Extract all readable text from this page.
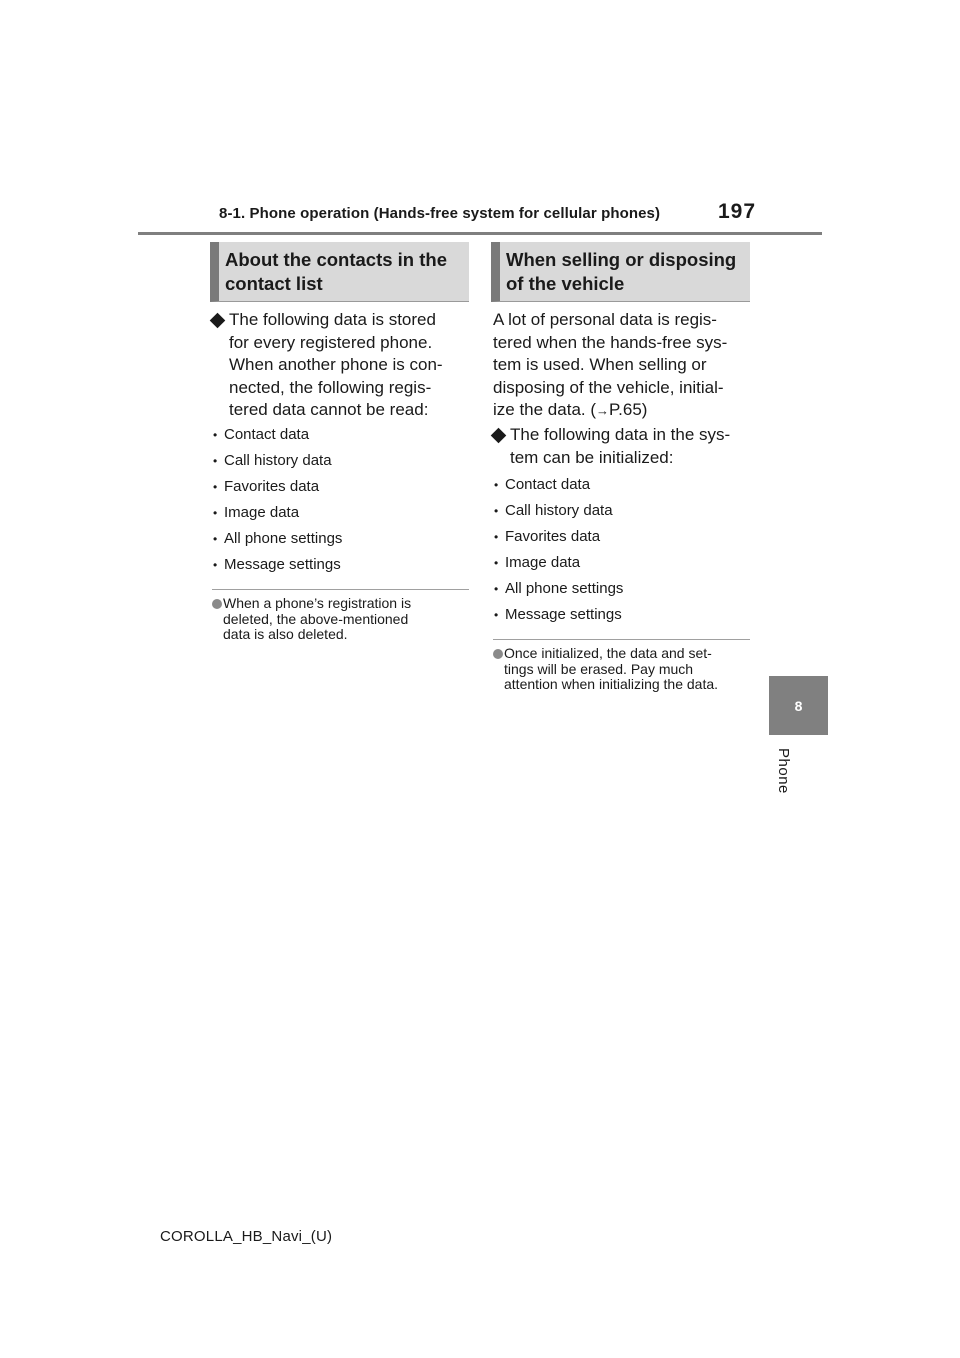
8-1. Phone operation (Hands-free system for cellular phones)	197
8
Phone
About the contacts in the
contact list
The following data is stored
for every registered phone.
When another phone is con-
nected, the following regis-
tered data cannot be read:
• Contact data
• Call history data
• Favorites data
• Image data
• All phone settings
• Message settings
When a phone’s registration is
deleted, the above-mentioned
data is also deleted.
When selling or disposing
of the vehicle
A lot of personal data is regis-
tered when the hands-free sys-
tem is used. When selling or
disposing of the vehicle, initial-
ize the data. (→P.65)
The following data in the sys-
tem can be initialized:
• Contact data
• Call history data
• Favorites data
• Image data
• All phone settings
• Message settings
Once initialized, the data and set-
tings will be erased. Pay much
attention when initializing the data.
COROLLA_HB_Navi_(U)
